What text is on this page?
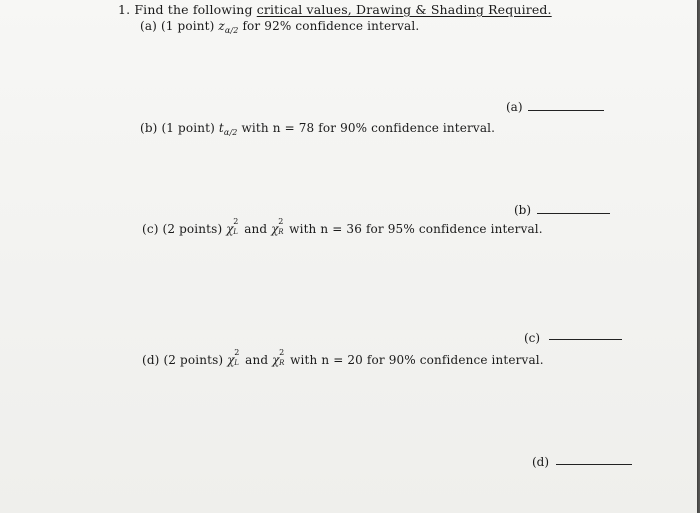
1. Find the following critical values, Drawing & Shading Required.
(a) (1 point) $z_{\alpha/2}$ for 92% confidence interval.
(a)
(b) (1 point) $t_{\alpha/2}$ with n = 78 for 90% confidence interval.
(b)
(c) (2 points) χ
2
L and χ
2
R with n = 36 for 95% confidence interval.
(c)
(d) (2 points) χ
2
L and χ
2
R with n = 20 for 90% confidence interval.
(d)
